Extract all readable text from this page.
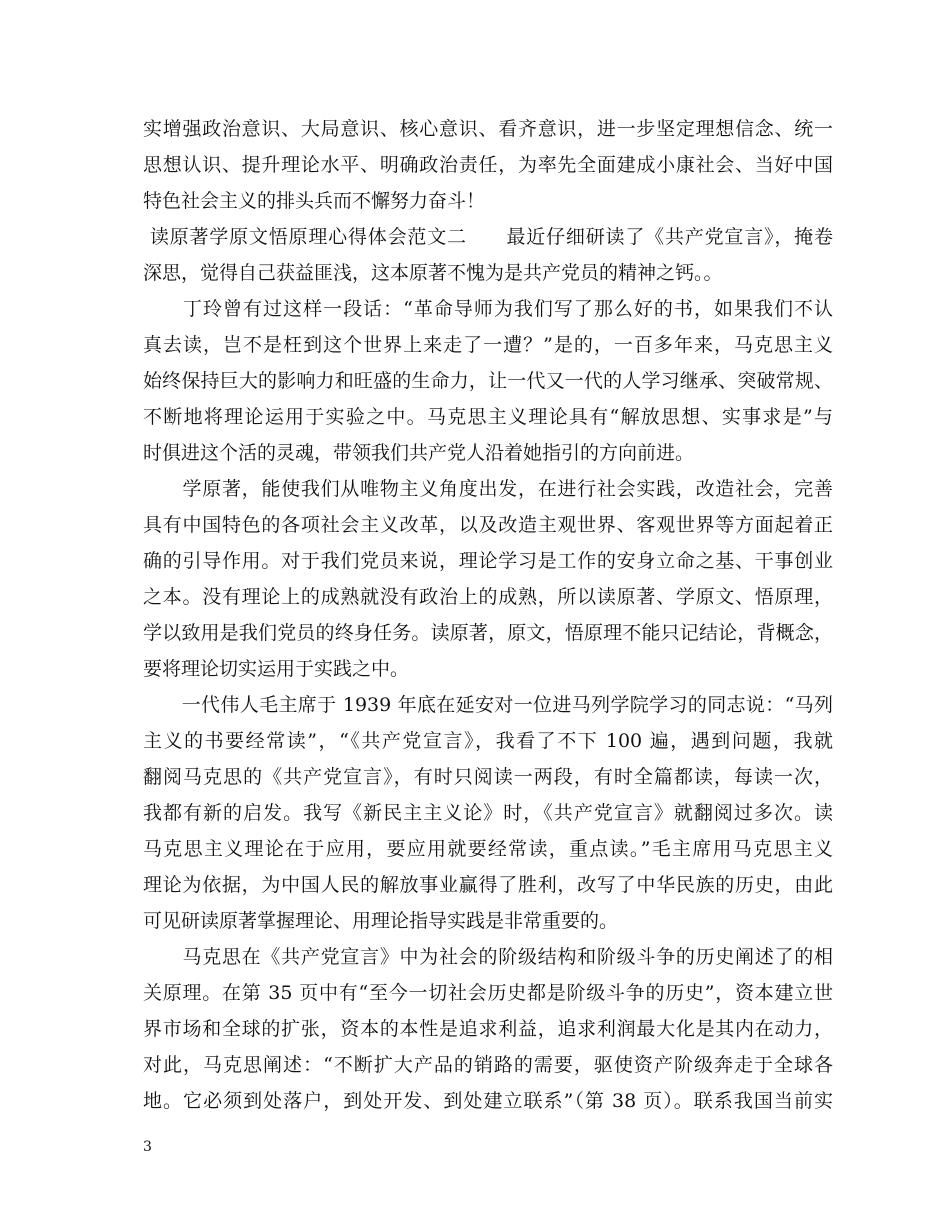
实增强政治意识、大局意识、核心意识、看齐意识，进一步坚定理想信念、统一
思想认识、提升理论水平、明确政治责任，为率先全面建成小康社会、当好中国
特色社会主义的排头兵而不懈努力奋斗！
读原著学原文悟原理心得体会范文二　　最近仔细研读了《共产党宣言》，掩卷
深思，觉得自己获益匪浅，这本原著不愧为是共产党员的精神之钙。。
　　丁玲曾有过这样一段话：“革命导师为我们写了那么好的书，如果我们不认
真去读，岂不是枉到这个世界上来走了一遭？”是的，一百多年来，马克思主义
始终保持巨大的影响力和旺盛的生命力，让一代又一代的人学习继承、突破常规、
不断地将理论运用于实验之中。马克思主义理论具有“解放思想、实事求是”与
时俱进这个活的灵魂，带领我们共产党人沿着她指引的方向前进。
　　学原著，能使我们从唯物主义角度出发，在进行社会实践，改造社会，完善
具有中国特色的各项社会主义改革，以及改造主观世界、客观世界等方面起着正
确的引导作用。对于我们党员来说，理论学习是工作的安身立命之基、干事创业
之本。没有理论上的成熟就没有政治上的成熟，所以读原著、学原文、悟原理，
学以致用是我们党员的终身任务。读原著，原文，悟原理不能只记结论，背概念，
要将理论切实运用于实践之中。
　　一代伟人毛主席于 1939 年底在延安对一位进马列学院学习的同志说：“马列
主义的书要经常读”，“《共产党宣言》，我看了不下 100 遍，遇到问题，我就
翻阅马克思的《共产党宣言》，有时只阅读一两段，有时全篇都读，每读一次，
我都有新的启发。我写《新民主主义论》时，《共产党宣言》就翻阅过多次。读
马克思主义理论在于应用，要应用就要经常读，重点读。”毛主席用马克思主义
理论为依据，为中国人民的解放事业赢得了胜利，改写了中华民族的历史，由此
可见研读原著掌握理论、用理论指导实践是非常重要的。
　　马克思在《共产党宣言》中为社会的阶级结构和阶级斗争的历史阐述了的相
关原理。在第 35 页中有“至今一切社会历史都是阶级斗争的历史”，资本建立世
界市场和全球的扩张，资本的本性是追求利益，追求利润最大化是其内在动力，
对此，马克思阐述：“不断扩大产品的销路的需要，驱使资产阶级奔走于全球各
地。它必须到处落户，到处开发、到处建立联系”（第 38 页）。联系我国当前实
3
